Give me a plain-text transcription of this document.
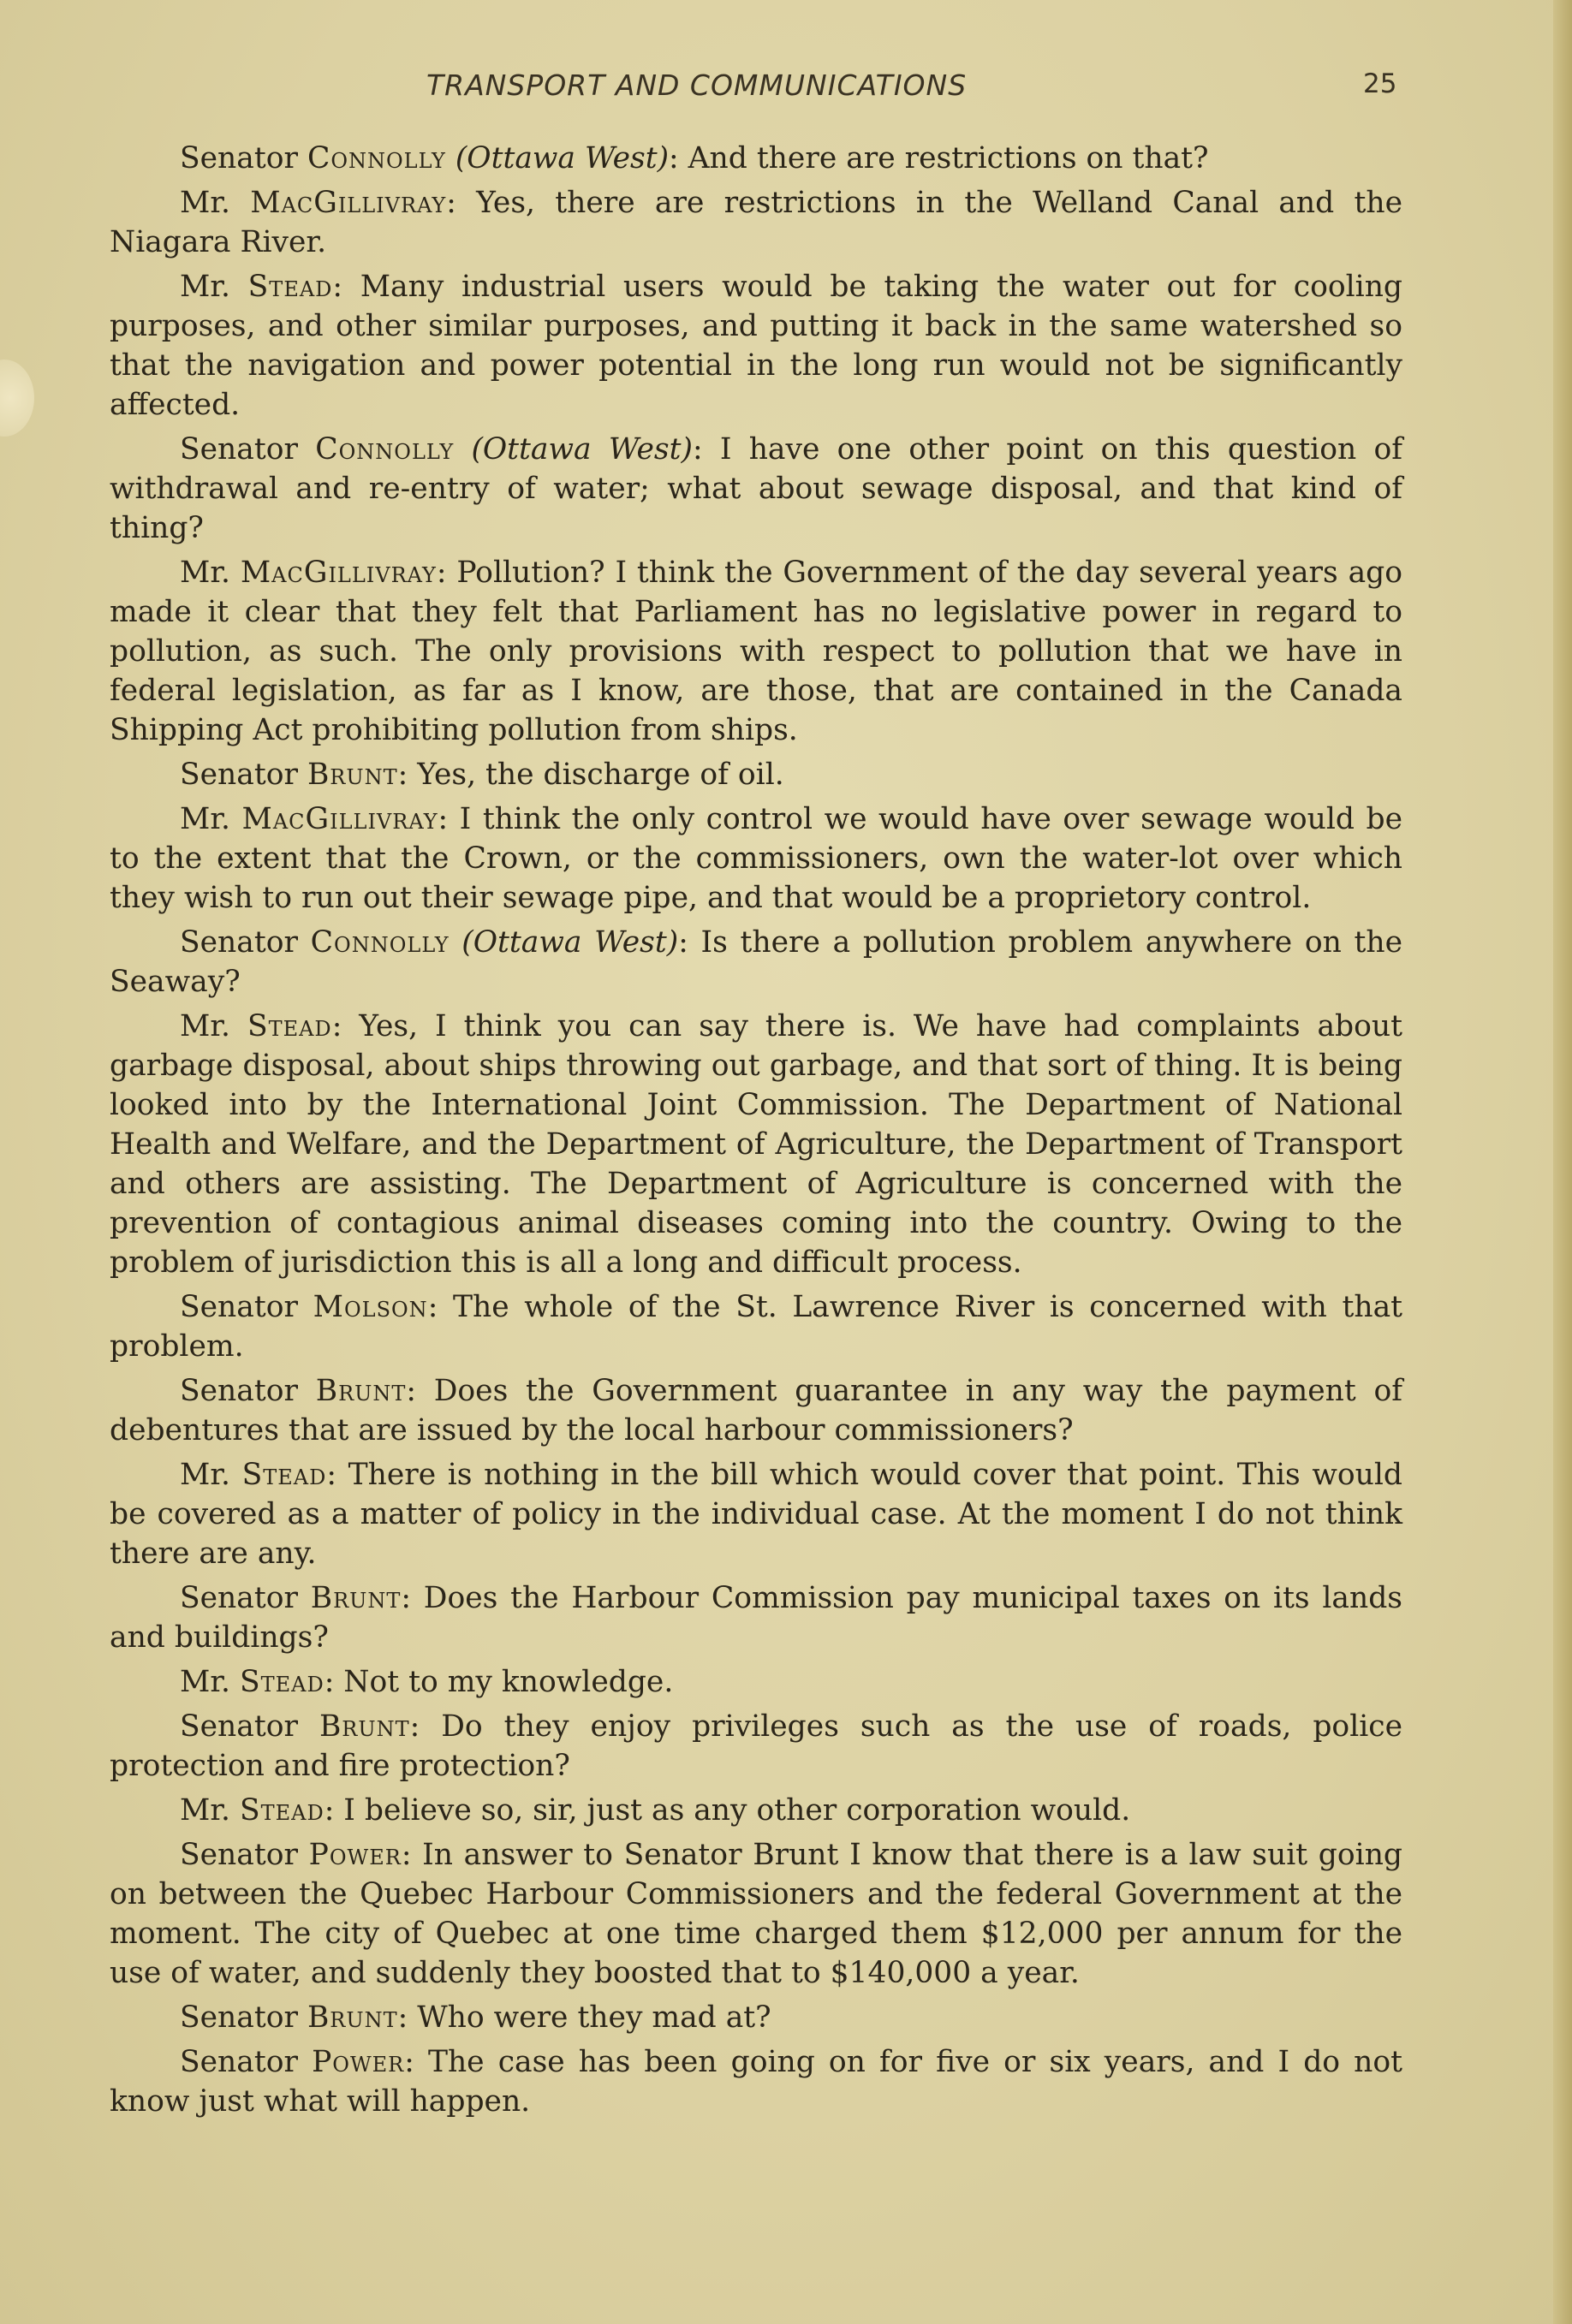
TRANSPORT AND COMMUNICATIONS	25

Senator Connolly (Ottawa West): And there are restrictions on that?

Mr. MacGillivray: Yes, there are restrictions in the Welland Canal and the Niagara River.

Mr. Stead: Many industrial users would be taking the water out for cooling purposes, and other similar purposes, and putting it back in the same watershed so that the navigation and power potential in the long run would not be significantly affected.

Senator Connolly (Ottawa West): I have one other point on this question of withdrawal and re-entry of water; what about sewage disposal, and that kind of thing?

Mr. MacGillivray: Pollution? I think the Government of the day several years ago made it clear that they felt that Parliament has no legislative power in regard to pollution, as such. The only provisions with respect to pollution that we have in federal legislation, as far as I know, are those, that are contained in the Canada Shipping Act prohibiting pollution from ships.

Senator Brunt: Yes, the discharge of oil.

Mr. MacGillivray: I think the only control we would have over sewage would be to the extent that the Crown, or the commissioners, own the water-lot over which they wish to run out their sewage pipe, and that would be a proprietory control.

Senator Connolly (Ottawa West): Is there a pollution problem anywhere on the Seaway?

Mr. Stead: Yes, I think you can say there is. We have had complaints about garbage disposal, about ships throwing out garbage, and that sort of thing. It is being looked into by the International Joint Commission. The Department of National Health and Welfare, and the Department of Agriculture, the Department of Transport and others are assisting. The Department of Agriculture is concerned with the prevention of contagious animal diseases coming into the country. Owing to the problem of jurisdiction this is all a long and difficult process.

Senator Molson: The whole of the St. Lawrence River is concerned with that problem.

Senator Brunt: Does the Government guarantee in any way the payment of debentures that are issued by the local harbour commissioners?

Mr. Stead: There is nothing in the bill which would cover that point. This would be covered as a matter of policy in the individual case. At the moment I do not think there are any.

Senator Brunt: Does the Harbour Commission pay municipal taxes on its lands and buildings?

Mr. Stead: Not to my knowledge.

Senator Brunt: Do they enjoy privileges such as the use of roads, police protection and fire protection?

Mr. Stead: I believe so, sir, just as any other corporation would.

Senator Power: In answer to Senator Brunt I know that there is a law suit going on between the Quebec Harbour Commissioners and the federal Government at the moment. The city of Quebec at one time charged them $12,000 per annum for the use of water, and suddenly they boosted that to $140,000 a year.

Senator Brunt: Who were they mad at?

Senator Power: The case has been going on for five or six years, and I do not know just what will happen.
